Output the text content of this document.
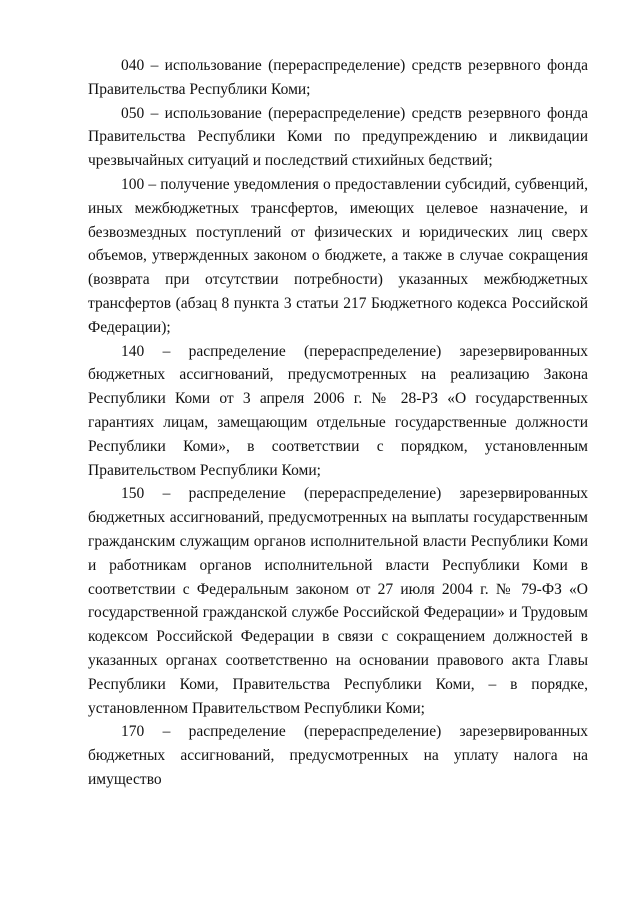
040 – использование (перераспределение) средств резервного фонда Правительства Республики Коми;

050 – использование (перераспределение) средств резервного фонда Правительства Республики Коми по предупреждению и ликвидации чрезвычайных ситуаций и последствий стихийных бедствий;

100 – получение уведомления о предоставлении субсидий, субвенций, иных межбюджетных трансфертов, имеющих целевое назначение, и безвозмездных поступлений от физических и юридических лиц сверх объемов, утвержденных законом о бюджете, а также в случае сокращения (возврата при отсутствии потребности) указанных межбюджетных трансфертов (абзац 8 пункта 3 статьи 217 Бюджетного кодекса Российской Федерации);

140 – распределение (перераспределение) зарезервированных бюджетных ассигнований, предусмотренных на реализацию Закона Республики Коми от 3 апреля 2006 г. № 28-РЗ «О государственных гарантиях лицам, замещающим отдельные государственные должности Республики Коми», в соответствии с порядком, установленным Правительством Республики Коми;

150 – распределение (перераспределение) зарезервированных бюджетных ассигнований, предусмотренных на выплаты государственным гражданским служащим органов исполнительной власти Республики Коми и работникам органов исполнительной власти Республики Коми в соответствии с Федеральным законом от 27 июля 2004 г. № 79-ФЗ «О государственной гражданской службе Российской Федерации» и Трудовым кодексом Российской Федерации в связи с сокращением должностей в указанных органах соответственно на основании правового акта Главы Республики Коми, Правительства Республики Коми, – в порядке, установленном Правительством Республики Коми;

170 – распределение (перераспределение) зарезервированных бюджетных ассигнований, предусмотренных на уплату налога на имущество
